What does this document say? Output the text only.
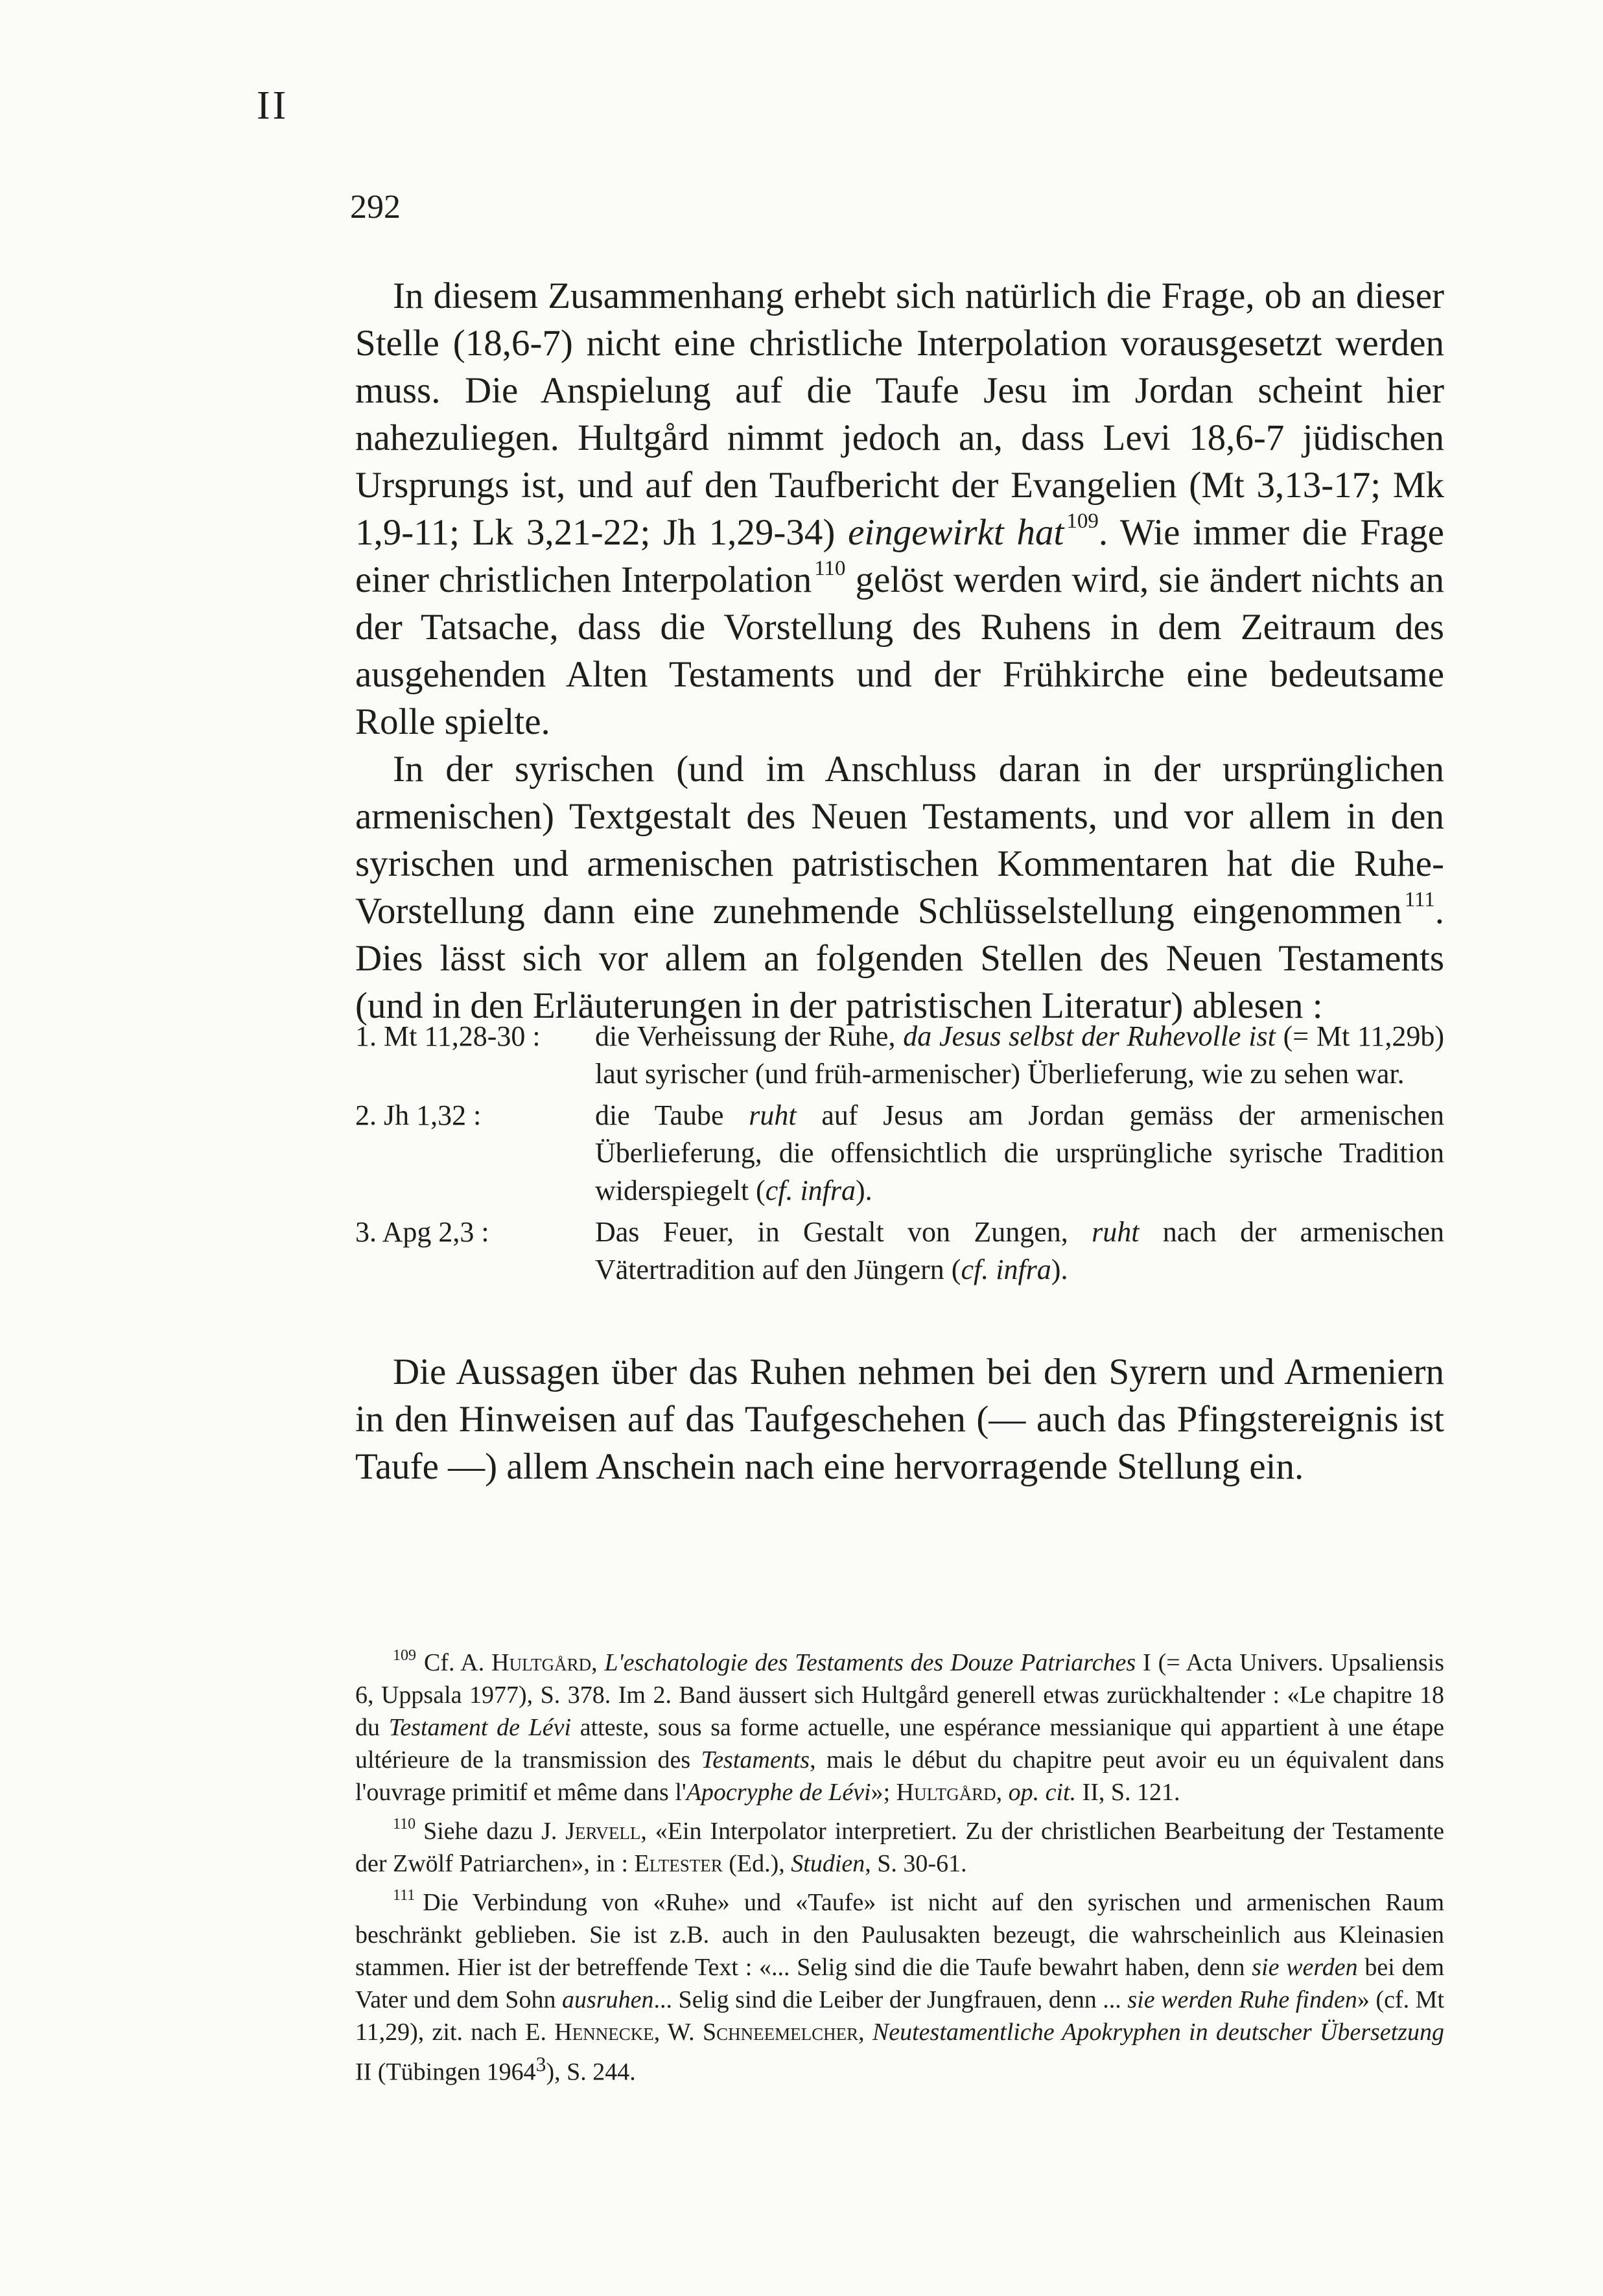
II
292

In diesem Zusammenhang erhebt sich natürlich die Frage, ob an dieser Stelle (18,6-7) nicht eine christliche Interpolation vorausgesetzt werden muss. Die Anspielung auf die Taufe Jesu im Jordan scheint hier nahezuliegen. Hultgård nimmt jedoch an, dass Levi 18,6-7 jüdischen Ursprungs ist, und auf den Taufbericht der Evangelien (Mt 3,13-17; Mk 1,9-11; Lk 3,21-22; Jh 1,29-34) eingewirkt hat $^{109}$. Wie immer die Frage einer christlichen Interpolation $^{110}$ gelöst werden wird, sie ändert nichts an der Tatsache, dass die Vorstellung des Ruhens in dem Zeitraum des ausgehenden Alten Testaments und der Frühkirche eine bedeutsame Rolle spielte.

In der syrischen (und im Anschluss daran in der ursprünglichen armenischen) Textgestalt des Neuen Testaments, und vor allem in den syrischen und armenischen patristischen Kommentaren hat die Ruhe-Vorstellung dann eine zunehmende Schlüsselstellung eingenommen $^{111}$. Dies lässt sich vor allem an folgenden Stellen des Neuen Testaments (und in den Erläuterungen in der patristischen Literatur) ablesen :

1. Mt 11,28-30 :	die Verheissung der Ruhe, da Jesus selbst der Ruhevolle ist (= Mt 11,29b) laut syrischer (und früh-armenischer) Überlieferung, wie zu sehen war.
2. Jh 1,32 :	die Taube ruht auf Jesus am Jordan gemäss der armenischen Überlieferung, die offensichtlich die ursprüngliche syrische Tradition widerspiegelt (cf. infra).
3. Apg 2,3 :	Das Feuer, in Gestalt von Zungen, ruht nach der armenischen Vätertradition auf den Jüngern (cf. infra).

Die Aussagen über das Ruhen nehmen bei den Syrern und Armeniern in den Hinweisen auf das Taufgeschehen (— auch das Pfingstereignis ist Taufe —) allem Anschein nach eine hervorragende Stellung ein.

$^{109}$ Cf. A. Hultgård, L'eschatologie des Testaments des Douze Patriarches I (= Acta Univers. Upsaliensis 6, Uppsala 1977), S. 378. Im 2. Band äussert sich Hultgård generell etwas zurückhaltender : «Le chapitre 18 du Testament de Lévi atteste, sous sa forme actuelle, une espérance messianique qui appartient à une étape ultérieure de la transmission des Testaments, mais le début du chapitre peut avoir eu un équivalent dans l'ouvrage primitif et même dans l'Apocryphe de Lévi»; Hultgård, op. cit. II, S. 121.

$^{110}$ Siehe dazu J. Jervell, «Ein Interpolator interpretiert. Zu der christlichen Bearbeitung der Testamente der Zwölf Patriarchen», in : Eltester (Ed.), Studien, S. 30-61.

$^{111}$ Die Verbindung von «Ruhe» und «Taufe» ist nicht auf den syrischen und armenischen Raum beschränkt geblieben. Sie ist z.B. auch in den Paulusakten bezeugt, die wahrscheinlich aus Kleinasien stammen. Hier ist der betreffende Text : «... Selig sind die die Taufe bewahrt haben, denn sie werden bei dem Vater und dem Sohn ausruhen... Selig sind die Leiber der Jungfrauen, denn ... sie werden Ruhe finden» (cf. Mt 11,29), zit. nach E. Hennecke, W. Schneemelcher, Neutestamentliche Apokryphen in deutscher Übersetzung II (Tübingen 1964$^3$), S. 244.
